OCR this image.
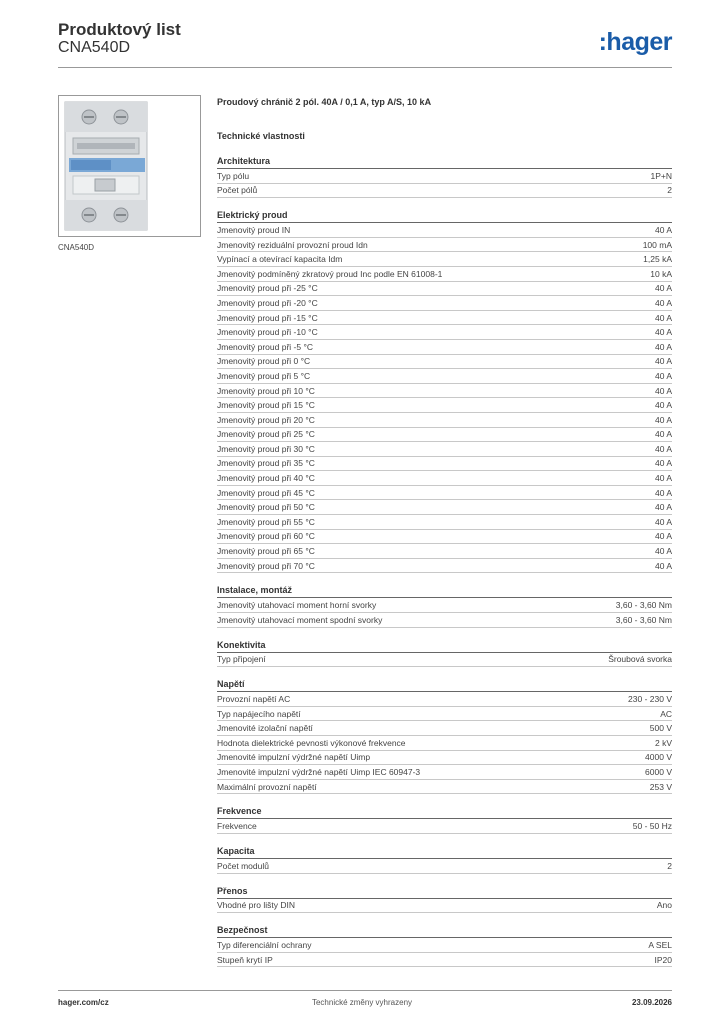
Produktový list
CNA540D	:hager
CNA540D
Proudový chránič 2 pól. 40A / 0,1 A, typ A/S, 10 kA
Technické vlastnosti
Architektura
Typ pólu	1P+N
Počet pólů	2
Elektrický proud
Jmenovitý proud IN	40 A
Jmenovitý reziduální provozní proud Idn	100 mA
Vypínací a otevírací kapacita Idm	1,25 kA
Jmenovitý podmíněný zkratový proud Inc podle EN 61008-1	10 kA
Jmenovitý proud při -25 °C	40 A
Jmenovitý proud při -20 °C	40 A
Jmenovitý proud při -15 °C	40 A
Jmenovitý proud při -10 °C	40 A
Jmenovitý proud při -5 °C	40 A
Jmenovitý proud při 0 °C	40 A
Jmenovitý proud při 5 °C	40 A
Jmenovitý proud při 10 °C	40 A
Jmenovitý proud při 15 °C	40 A
Jmenovitý proud při 20 °C	40 A
Jmenovitý proud při 25 °C	40 A
Jmenovitý proud při 30 °C	40 A
Jmenovitý proud při 35 °C	40 A
Jmenovitý proud při 40 °C	40 A
Jmenovitý proud při 45 °C	40 A
Jmenovitý proud při 50 °C	40 A
Jmenovitý proud při 55 °C	40 A
Jmenovitý proud při 60 °C	40 A
Jmenovitý proud při 65 °C	40 A
Jmenovitý proud při 70 °C	40 A
Instalace, montáž
Jmenovitý utahovací moment horní svorky	3,60 - 3,60 Nm
Jmenovitý utahovací moment spodní svorky	3,60 - 3,60 Nm
Konektivita
Typ připojení	Šroubová svorka
Napětí
Provozní napětí AC	230 - 230 V
Typ napájecího napětí	AC
Jmenovité izolační napětí	500 V
Hodnota dielektrické pevnosti výkonové frekvence	2 kV
Jmenovité impulzní výdržné napětí Uimp	4000 V
Jmenovité impulzní výdržné napětí Uimp IEC 60947-3	6000 V
Maximální provozní napětí	253 V
Frekvence
Frekvence	50 - 50 Hz
Kapacita
Počet modulů	2
Přenos
Vhodné pro lišty DIN	Ano
Bezpečnost
Typ diferenciální ochrany	A SEL
Stupeň krytí IP	IP20
hager.com/cz	Technické změny vyhrazeny	23.09.2026
